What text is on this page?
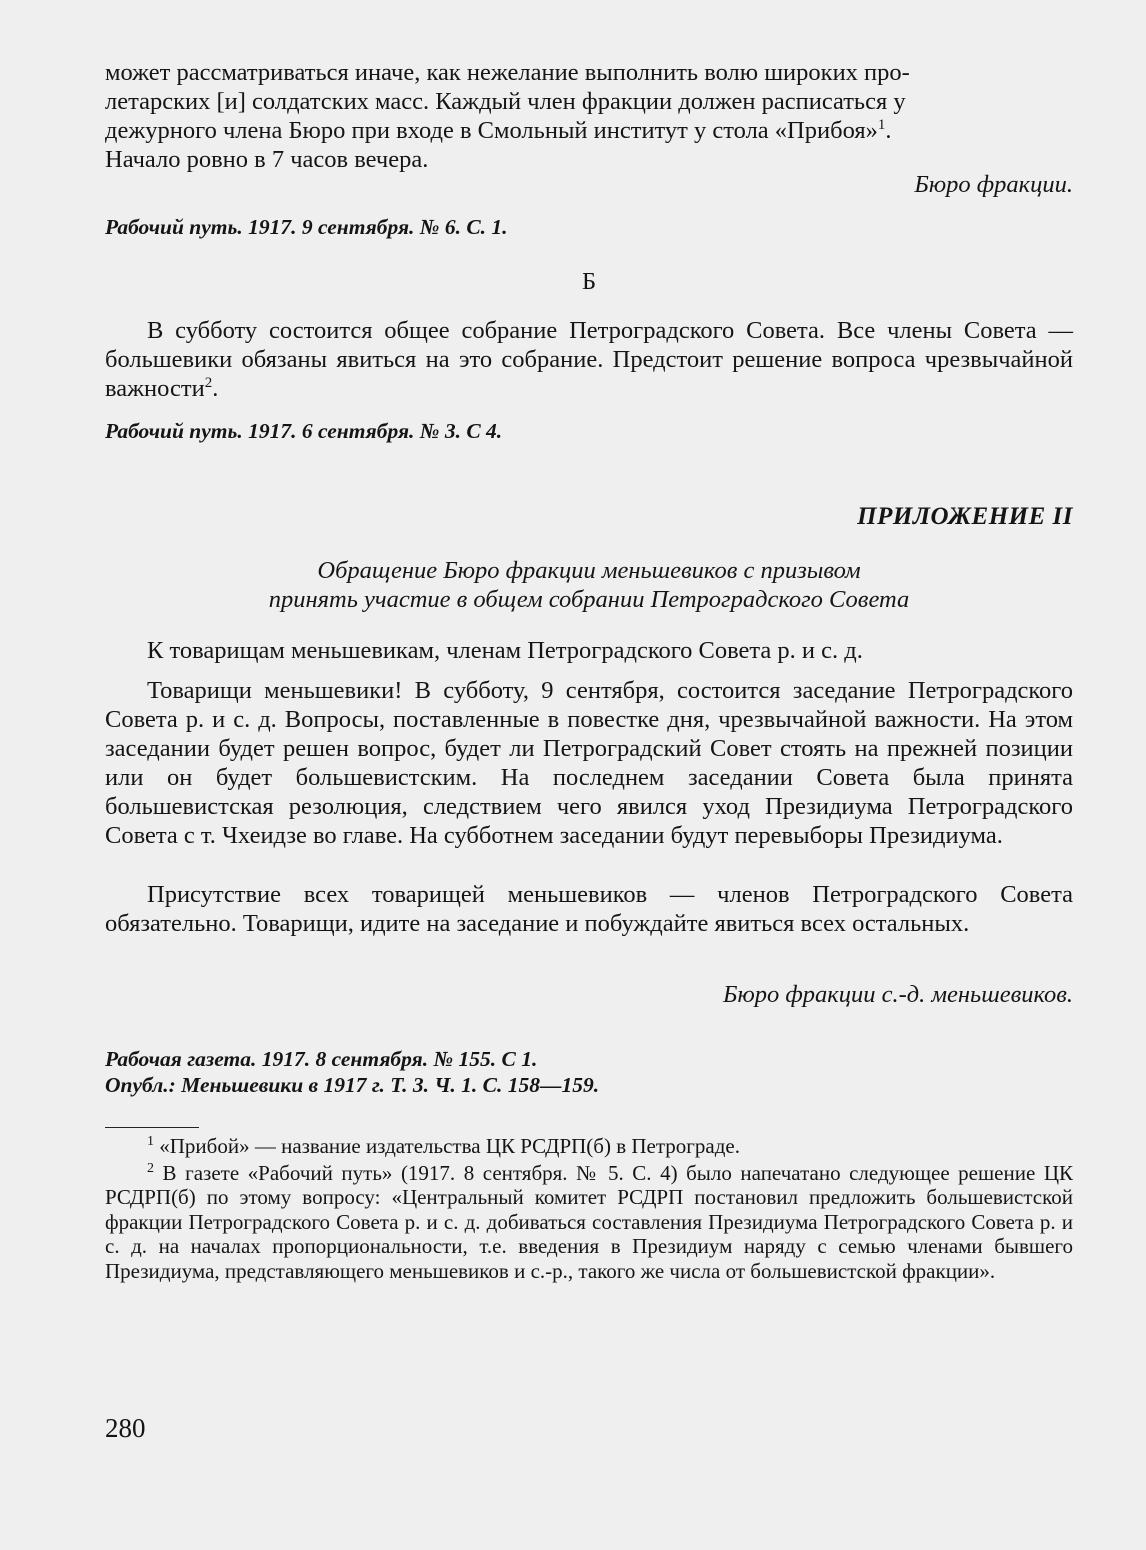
может рассматриваться иначе, как нежелание выполнить волю широких про-

летарских [и] солдатских масс. Каждый член фракции должен расписаться у

дежурного члена Бюро при входе в Смольный институт у стола «Прибоя»$^1$.

Начало ровно в 7 часов вечера.

Бюро фракции.

Рабочий путь. 1917. 9 сентября. № 6. С. 1.

Б

В субботу состоится общее собрание Петроградского Совета. Все члены Совета — большевики обязаны явиться на это собрание. Предстоит решение вопроса чрезвычайной важности$^2$.

Рабочий путь. 1917. 6 сентября. № 3. С 4.

ПРИЛОЖЕНИЕ II

Обращение Бюро фракции меньшевиков с призывом

принять участие в общем собрании Петроградского Совета

К товарищам меньшевикам, членам Петроградского Совета р. и с. д.

Товарищи меньшевики! В субботу, 9 сентября, состоится заседание Петроградского Совета р. и с. д. Вопросы, поставленные в повестке дня, чрезвычайной важности. На этом заседании будет решен вопрос, будет ли Петроградский Совет стоять на прежней позиции или он будет большевистским. На последнем заседании Совета была принята большевистская резолюция, следствием чего явился уход Президиума Петроградского Совета с т. Чхеидзе во главе. На субботнем заседании будут перевыборы Президиума.

Присутствие всех товарищей меньшевиков — членов Петроградского Совета обязательно. Товарищи, идите на заседание и побуждайте явиться всех остальных.

Бюро фракции с.-д. меньшевиков.

Рабочая газета. 1917. 8 сентября. № 155. С 1.

Опубл.: Меньшевики в 1917 г. Т. 3. Ч. 1. С. 158—159.

$^1$ «Прибой» — название издательства ЦК РСДРП(б) в Петрограде.

$^2$ В газете «Рабочий путь» (1917. 8 сентября. № 5. С. 4) было напечатано следующее решение ЦК РСДРП(б) по этому вопросу: «Центральный комитет РСДРП постановил предложить большевистской фракции Петроградского Совета р. и с. д. добиваться составления Президиума Петроградского Совета р. и с. д. на началах пропорциональности, т.е. введения в Президиум наряду с семью членами бывшего Президиума, представляющего меньшевиков и с.-р., такого же числа от большевистской фракции».

280
